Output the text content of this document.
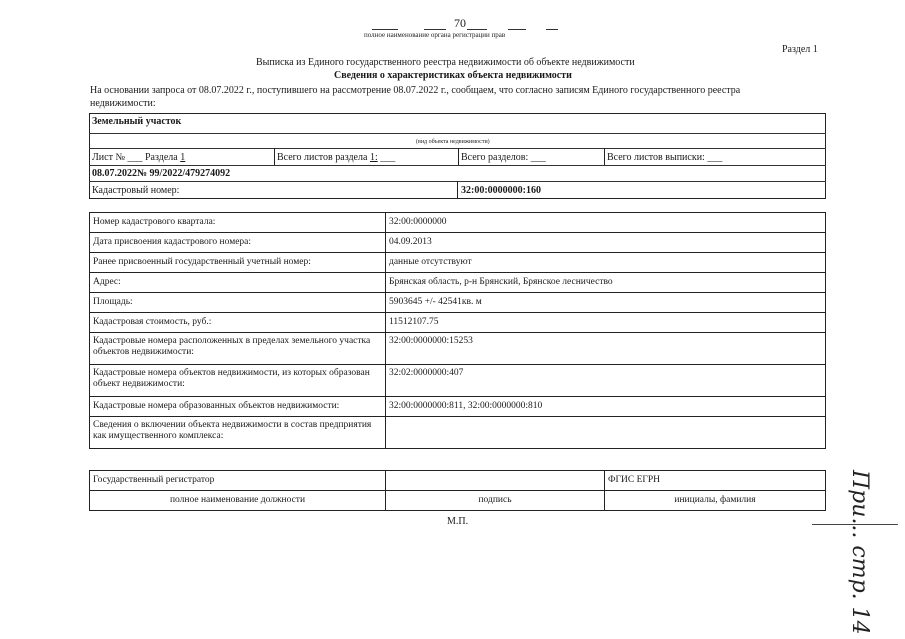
70
полное наименование органа регистрации прав
Раздел 1
Выписка из Единого государственного реестра недвижимости об объекте недвижимости
Сведения о характеристиках объекта недвижимости
На основании запроса от 08.07.2022 г., поступившего на рассмотрение 08.07.2022 г., сообщаем, что согласно записям Единого государственного реестра
недвижимости:
Земельный участок
(вид объекта недвижимости)
Лист № ___ Раздела 1	Всего листов раздела 1: ___	Всего разделов: ___	Всего листов выписки: ___
08.07.2022№ 99/2022/479274092
Кадастровый номер:	32:00:0000000:160
Номер кадастрового квартала:	32:00:0000000
Дата присвоения кадастрового номера:	04.09.2013
Ранее присвоенный государственный учетный номер:	данные отсутствуют
Адрес:	Брянская область, р-н Брянский, Брянское лесничество
Площадь:	5903645 +/- 42541кв. м
Кадастровая стоимость, руб.:	11512107.75
Кадастровые номера расположенных в пределах земельного участка объектов недвижимости:	32:00:0000000:15253
Кадастровые номера объектов недвижимости, из которых образован объект недвижимости:	32:02:0000000:407
Кадастровые номера образованных объектов недвижимости:	32:00:0000000:811, 32:00:0000000:810
Сведения о включении объекта недвижимости в состав предприятия как имущественного комплекса:	
Государственный регистратор		ФГИС ЕГРН
полное наименование должности	подпись	инициалы, фамилия
М.П.	При... стр. 14
